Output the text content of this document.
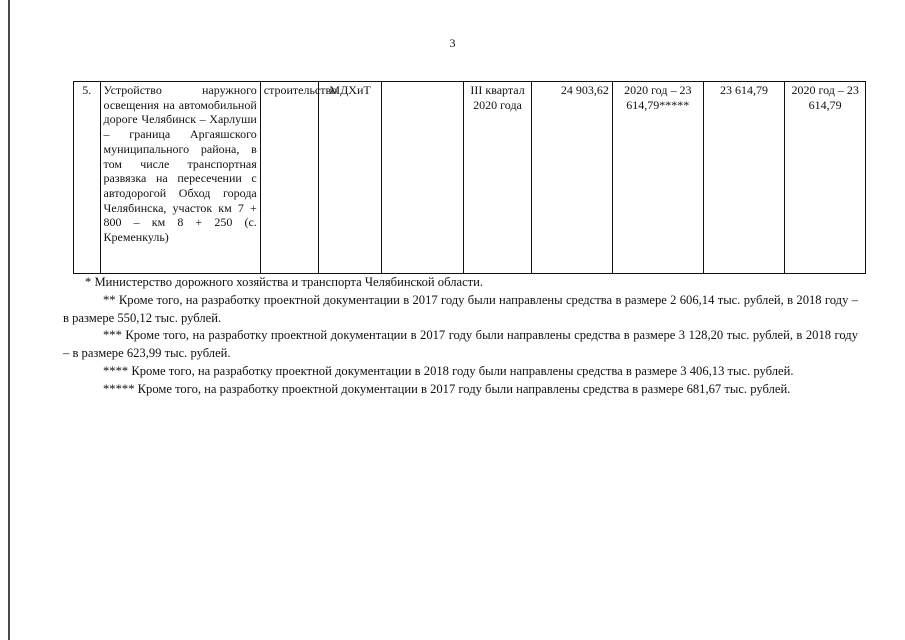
3
5.	Устройство наружного освещения на автомобильной дороге Челябинск – Харлуши – граница Аргаяшского муниципального района, в том числе транспортная развязка на пересечении с автодорогой Обход города Челябинска, участок км 7 + 800 – км 8 + 250 (с. Кременкуль)	строительство	МДХиТ		III квартал 2020 года	24 903,62	2020 год – 23 614,79*****	23 614,79	2020 год – 23 614,79
* Министерство дорожного хозяйства и транспорта Челябинской области.
** Кроме того, на разработку проектной документации в 2017 году были направлены средства в размере 2 606,14 тыс. рублей, в 2018 году – в размере 550,12 тыс. рублей.
*** Кроме того, на разработку проектной документации в 2017 году были направлены средства в размере 3 128,20 тыс. рублей, в 2018 году – в размере 623,99 тыс. рублей.
**** Кроме того, на разработку проектной документации в 2018 году были направлены средства в размере 3 406,13 тыс. рублей.
***** Кроме того, на разработку проектной документации в 2017 году были направлены средства в размере 681,67 тыс. рублей.
